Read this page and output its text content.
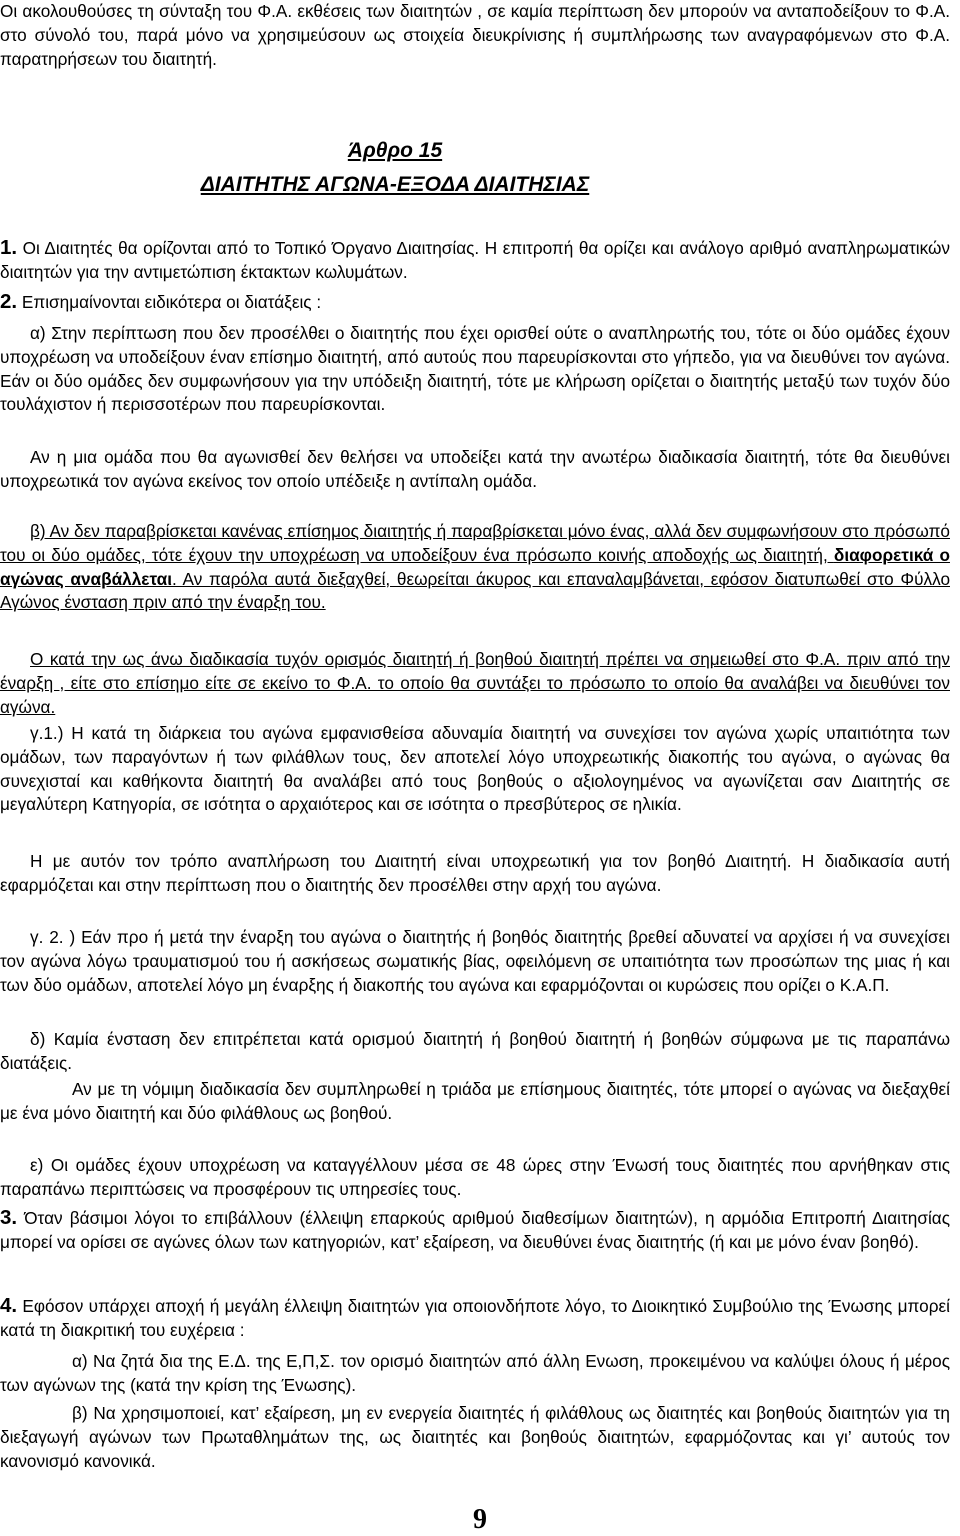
Οι ακολουθούσες τη σύνταξη του Φ.Α. εκθέσεις των διαιτητών , σε καμία περίπτωση δεν μπορούν να ανταποδείξουν το Φ.Α. στο σύνολό του, παρά μόνο να χρησιμεύσουν ως στοιχεία διευκρίνισης ή συμπλήρωσης των αναγραφόμενων στο Φ.Α. παρατηρήσεων του διαιτητή.

Άρθρο 15
ΔΙΑΙΤΗΤΗΣ ΑΓΩΝΑ-ΕΞΟΔΑ ΔΙΑΙΤΗΣΙΑΣ

1. Οι Διαιτητές θα ορίζονται από το Τοπικό Όργανο Διαιτησίας. Η επιτροπή θα ορίζει και ανάλογο αριθμό αναπληρωματικών διαιτητών για την αντιμετώπιση έκτακτων κωλυμάτων.

2. Επισημαίνονται ειδικότερα οι διατάξεις :

α) Στην περίπτωση που δεν προσέλθει ο διαιτητής που έχει ορισθεί ούτε ο αναπληρωτής του, τότε οι δύο ομάδες έχουν υποχρέωση να υποδείξουν έναν επίσημο διαιτητή, από αυτούς που παρευρίσκονται στο γήπεδο, για να διευθύνει τον αγώνα. Εάν οι δύο ομάδες δεν συμφωνήσουν για την υπόδειξη διαιτητή, τότε με κλήρωση ορίζεται ο διαιτητής μεταξύ των τυχόν δύο τουλάχιστον ή περισσοτέρων που παρευρίσκονται.

Αν η μια ομάδα που θα αγωνισθεί δεν θελήσει να υποδείξει κατά την ανωτέρω διαδικασία διαιτητή, τότε θα διευθύνει υποχρεωτικά τον αγώνα εκείνος τον οποίο υπέδειξε η αντίπαλη ομάδα.

β) Αν δεν παραβρίσκεται κανένας επίσημος διαιτητής ή παραβρίσκεται μόνο ένας, αλλά δεν συμφωνήσουν στο πρόσωπό του οι δύο ομάδες, τότε έχουν την υποχρέωση να υποδείξουν ένα πρόσωπο κοινής αποδοχής ως διαιτητή, διαφορετικά ο αγώνας αναβάλλεται. Αν παρόλα αυτά διεξαχθεί, θεωρείται άκυρος και επαναλαμβάνεται, εφόσον διατυπωθεί στο Φύλλο Αγώνος ένσταση πριν από την έναρξη του.

Ο κατά την ως άνω διαδικασία τυχόν ορισμός διαιτητή ή βοηθού διαιτητή πρέπει να σημειωθεί στο Φ.Α. πριν από την έναρξη , είτε στο επίσημο είτε σε εκείνο το Φ.Α. το οποίο θα συντάξει το πρόσωπο το οποίο θα αναλάβει να διευθύνει τον αγώνα.

γ.1.) Η κατά τη διάρκεια του αγώνα εμφανισθείσα αδυναμία διαιτητή να συνεχίσει τον αγώνα χωρίς υπαιτιότητα των ομάδων, των παραγόντων ή των φιλάθλων τους, δεν αποτελεί λόγο υποχρεωτικής διακοπής του αγώνα, ο αγώνας θα συνεχισταί και καθήκοντα διαιτητή θα αναλάβει από τους βοηθούς ο αξιολογημένος να αγωνίζεται σαν Διαιτητής σε μεγαλύτερη Κατηγορία, σε ισότητα ο αρχαιότερος και σε ισότητα ο πρεσβύτερος σε ηλικία.

Η με αυτόν τον τρόπο αναπλήρωση του Διαιτητή είναι υποχρεωτική για τον βοηθό Διαιτητή. Η διαδικασία αυτή εφαρμόζεται και στην περίπτωση που ο διαιτητής δεν προσέλθει στην αρχή του αγώνα.

γ. 2. ) Εάν προ ή μετά την έναρξη του αγώνα ο διαιτητής ή βοηθός διαιτητής βρεθεί αδυνατεί να αρχίσει ή να συνεχίσει τον αγώνα λόγω τραυματισμού του ή ασκήσεως σωματικής βίας, οφειλόμενη σε υπαιτιότητα των προσώπων της μιας ή και των δύο ομάδων, αποτελεί λόγο μη έναρξης ή διακοπής του αγώνα και εφαρμόζονται οι κυρώσεις που ορίζει ο Κ.Α.Π.

δ) Καμία ένσταση δεν επιτρέπεται κατά ορισμού διαιτητή ή βοηθού διαιτητή ή βοηθών σύμφωνα με τις παραπάνω διατάξεις.

Αν με τη νόμιμη διαδικασία δεν συμπληρωθεί η τριάδα με επίσημους διαιτητές, τότε μπορεί ο αγώνας να διεξαχθεί με ένα μόνο διαιτητή και δύο φιλάθλους ως βοηθού.

ε) Οι ομάδες έχουν υποχρέωση να καταγγέλλουν μέσα σε 48 ώρες στην Ένωσή τους διαιτητές που αρνήθηκαν στις παραπάνω περιπτώσεις να προσφέρουν τις υπηρεσίες τους.

3. Όταν βάσιμοι λόγοι το επιβάλλουν (έλλειψη επαρκούς αριθμού διαθεσίμων διαιτητών), η αρμόδια Επιτροπή Διαιτησίας μπορεί να ορίσει σε αγώνες όλων των κατηγοριών, κατ’ εξαίρεση, να διευθύνει ένας διαιτητής (ή και με μόνο έναν βοηθό).

4. Εφόσον υπάρχει αποχή ή μεγάλη έλλειψη διαιτητών για οποιονδήποτε λόγο, το Διοικητικό Συμβούλιο της Ένωσης μπορεί κατά τη διακριτική του ευχέρεια :

α) Να ζητά δια της Ε.Δ. της Ε,Π,Σ. τον ορισμό διαιτητών από άλλη Ενωση, προκειμένου να καλύψει όλους ή μέρος των αγώνων της (κατά την κρίση της Ένωσης).

β) Να χρησιμοποιεί, κατ’ εξαίρεση, μη εν ενεργεία διαιτητές ή φιλάθλους ως διαιτητές και βοηθούς διαιτητών για τη διεξαγωγή αγώνων των Πρωταθλημάτων της, ως διαιτητές και βοηθούς διαιτητών, εφαρμόζοντας και γι’ αυτούς τον κανονισμό κανονικά.

9
